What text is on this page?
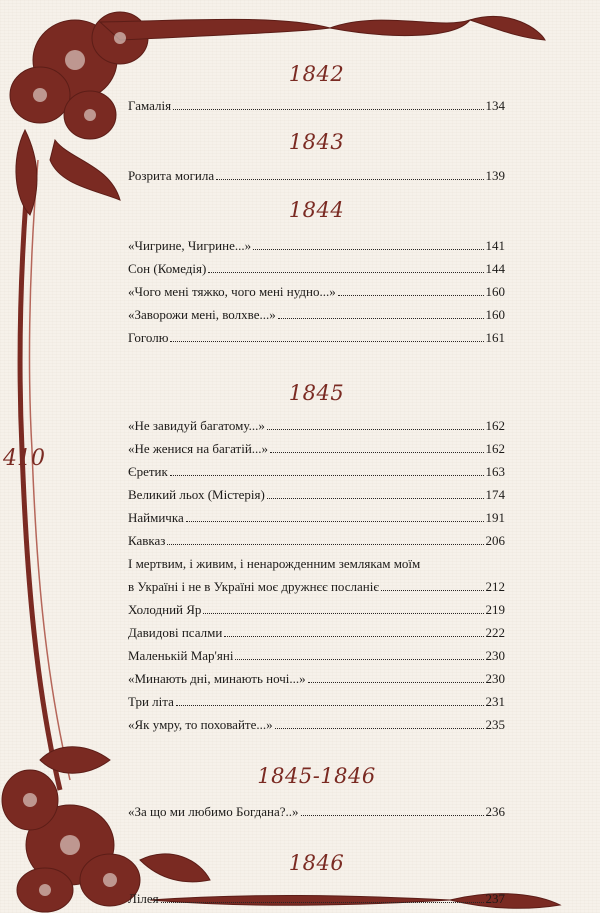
410
1842
Гамалія	134
1843
Розрита могила	139
1844
«Чигрине, Чигрине...»	141
Сон (Комедія)	144
«Чого мені тяжко, чого мені нудно...»	160
«Заворожи мені, волхве...»	160
Гоголю	161
1845
«Не завидуй багатому...»	162
«Не женися на багатій...»	162
Єретик	163
Великий льох (Містерія)	174
Наймичка	191
Кавказ	206
І мертвим, і живим, і ненарожденним землякам моїм
в Україні і не в Україні моє дружнєє посланіє	212
Холодний Яр	219
Давидові псалми	222
Маленькій Мар'яні	230
«Минають дні, минають ночі...»	230
Три літа	231
«Як умру, то поховайте...»	235
1845-1846
«За що ми любимо Богдана?..»	236
1846
Лілея	237
